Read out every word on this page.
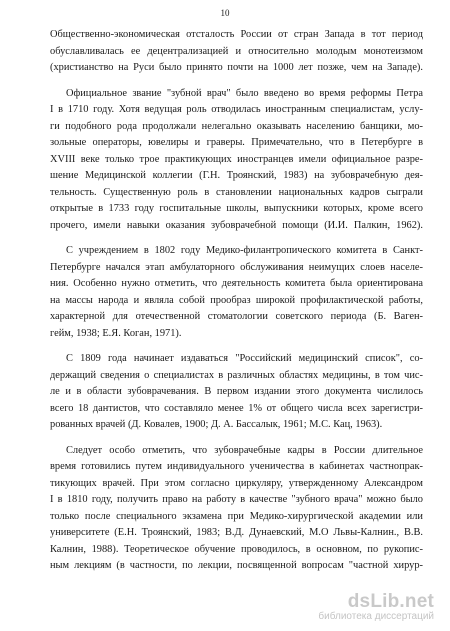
10

Общественно-экономическая отсталость России от стран Запада в тот период
обуславливалась ее децентрализацией и относительно молодым монотеизмом
(христианство на Руси было принято почти на 1000 лет позже, чем на Западе).

Официальное звание "зубной врач" было введено во время реформы Петра
I в 1710 году. Хотя ведущая роль отводилась иностранным специалистам, услу-
ги подобного рода продолжали нелегально оказывать населению банщики, мо-
зольные операторы, ювелиры и граверы. Примечательно, что в Петербурге в
XVIII веке только трое практикующих иностранцев имели официальное разре-
шение Медицинской коллегии (Г.Н. Троянский, 1983) на зубоврачебную дея-
тельность. Существенную роль в становлении национальных кадров сыграли
открытые в 1733 году госпитальные школы, выпускники которых, кроме всего
прочего, имели навыки оказания зубоврачебной помощи (И.И. Палкин, 1962).

С учреждением в 1802 году Медико-филантропического комитета в Санкт-
Петербурге начался этап амбулаторного обслуживания неимущих слоев населе-
ния. Особенно нужно отметить, что деятельность комитета была ориентирована
на массы народа и являла собой прообраз широкой профилактической работы,
характерной для отечественной стоматологии советского периода (Б. Ваген-
гейм, 1938; Е.Я. Коган, 1971).

С 1809 года начинает издаваться "Российский медицинский список", со-
держащий сведения о специалистах в различных областях медицины, в том чис-
ле и в области зубоврачевания. В первом издании этого документа числилось
всего 18 дантистов, что составляло менее 1% от общего числа всех зарегистри-
рованных врачей (Д. Ковалев, 1900; Д. А. Бассалык, 1961; М.С. Кац, 1963).

Следует особо отметить, что зубоврачебные кадры в России длительное
время готовились путем индивидуального ученичества в кабинетах частнопрак-
тикующих врачей. При этом согласно циркуляру, утвержденному Александром
I в 1810 году, получить право на работу в качестве "зубного врача" можно было
только после специального экзамена при Медико-хирургической академии или
университете (Е.Н. Троянский, 1983; В.Д. Дунаевский, М.О Львы-Калнин., В.В.
Калнин, 1988). Теоретическое обучение проводилось, в основном, по рукопис-
ным лекциям (в частности, по лекции, посвященной вопросам "частной хирур-

dsLib.net
библиотека диссертаций
